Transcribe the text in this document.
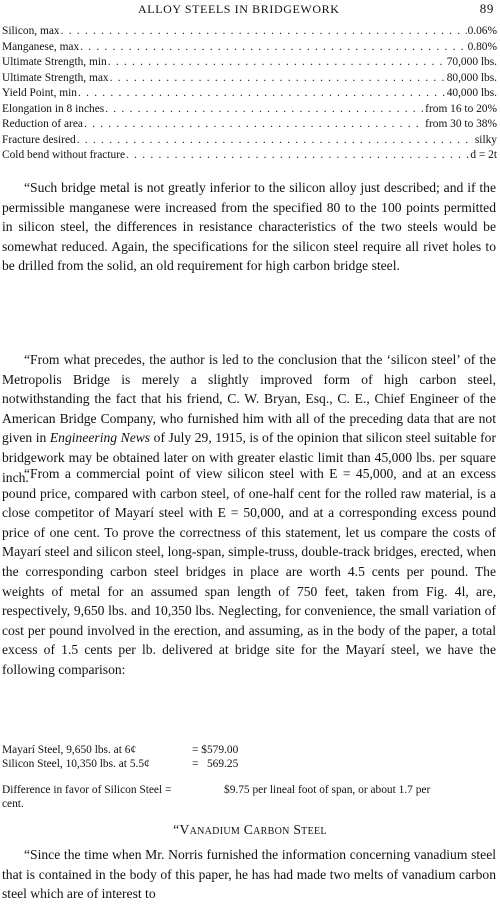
ALLOY STEELS IN BRIDGEWORK	89
Silicon, max . . .	0.06%
Manganese, max . . .	0.80%
Ultimate Strength, min . . .	70,000 lbs.
Ultimate Strength, max . . .	80,000 lbs.
Yield Point, min . . .	40,000 lbs.
Elongation in 8 inches . . .	from 16 to 20%
Reduction of area . . .	from 30 to 38%
Fracture desired . . .	silky
Cold bend without fracture . . .	d = 2t

“Such bridge metal is not greatly inferior to the silicon alloy just described; and if the permissible manganese were increased from the specified 80 to the 100 points permitted in silicon steel, the differences in resistance characteristics of the two steels would be somewhat reduced. Again, the specifications for the silicon steel require all rivet holes to be drilled from the solid, an old requirement for high carbon bridge steel.

“From what precedes, the author is led to the conclusion that the ‘silicon steel’ of the Metropolis Bridge is merely a slightly improved form of high carbon steel, notwithstanding the fact that his friend, C. W. Bryan, Esq., C. E., Chief Engineer of the American Bridge Company, who furnished him with all of the preceding data that are not given in Engineering News of July 29, 1915, is of the opinion that silicon steel suitable for bridgework may be obtained later on with greater elastic limit than 45,000 lbs. per square inch.

“From a commercial point of view silicon steel with E = 45,000, and at an excess pound price, compared with carbon steel, of one-half cent for the rolled raw material, is a close competitor of Mayarí steel with E = 50,000, and at a corresponding excess pound price of one cent. To prove the correctness of this statement, let us compare the costs of Mayarí steel and silicon steel, long-span, simple-truss, double-track bridges, erected, when the corresponding carbon steel bridges in place are worth 4.5 cents per pound. The weights of metal for an assumed span length of 750 feet, taken from Fig. 4l, are, respectively, 9,650 lbs. and 10,350 lbs. Neglecting, for convenience, the small variation of cost per pound involved in the erection, and assuming, as in the body of the paper, a total excess of 1.5 cents per lb. delivered at bridge site for the Mayarí steel, we have the following comparison:

Mayarí Steel, 9,650 lbs. at 6¢	= $579.00
Silicon Steel, 10,350 lbs. at 5.5¢	=   569.25
Difference in favor of Silicon Steel =	$9.75 per lineal foot of span, or about 1.7 per
cent.
“Vanadium Carbon Steel

“Since the time when Mr. Norris furnished the information concerning vanadium steel that is contained in the body of this paper, he has had made two melts of vanadium carbon steel which are of interest to
